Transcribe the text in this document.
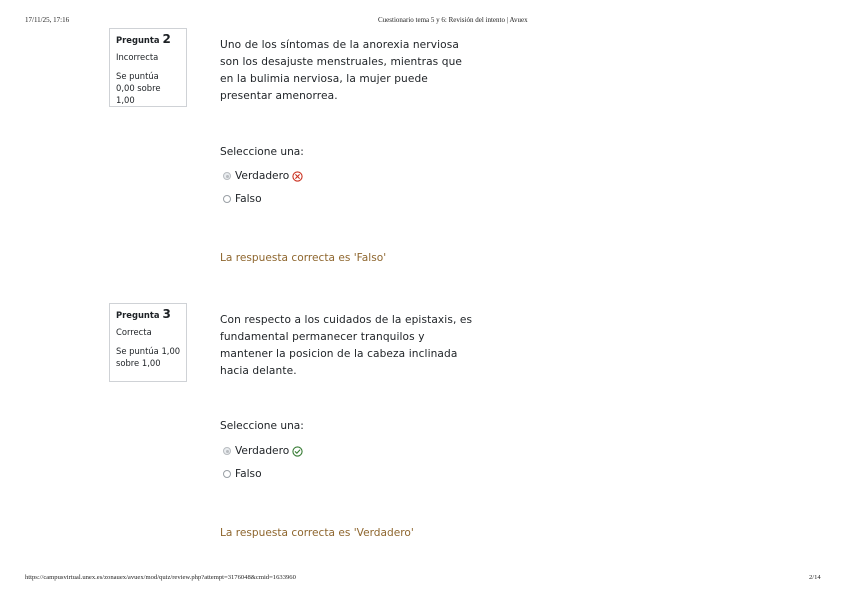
17/11/25, 17:16	Cuestionario tema 5 y 6: Revisión del intento | Avuex
Pregunta 2
Incorrecta
Se puntúa
0,00 sobre 1,00
Uno de los síntomas de la anorexia nerviosa
son los desajuste menstruales, mientras que
en la bulimia nerviosa, la mujer puede
presentar amenorrea.
Seleccione una:
Verdadero
Falso
La respuesta correcta es 'Falso'
Pregunta 3
Correcta
Se puntúa 1,00
sobre 1,00
Con respecto a los cuidados de la epistaxis, es
fundamental permanecer tranquilos y
mantener la posicion de la cabeza inclinada
hacia delante.
Seleccione una:
Verdadero
Falso
La respuesta correcta es 'Verdadero'
https://campusvirtual.unex.es/zonauex/avuex/mod/quiz/review.php?attempt=3176048&cmid=1633960	2/14
